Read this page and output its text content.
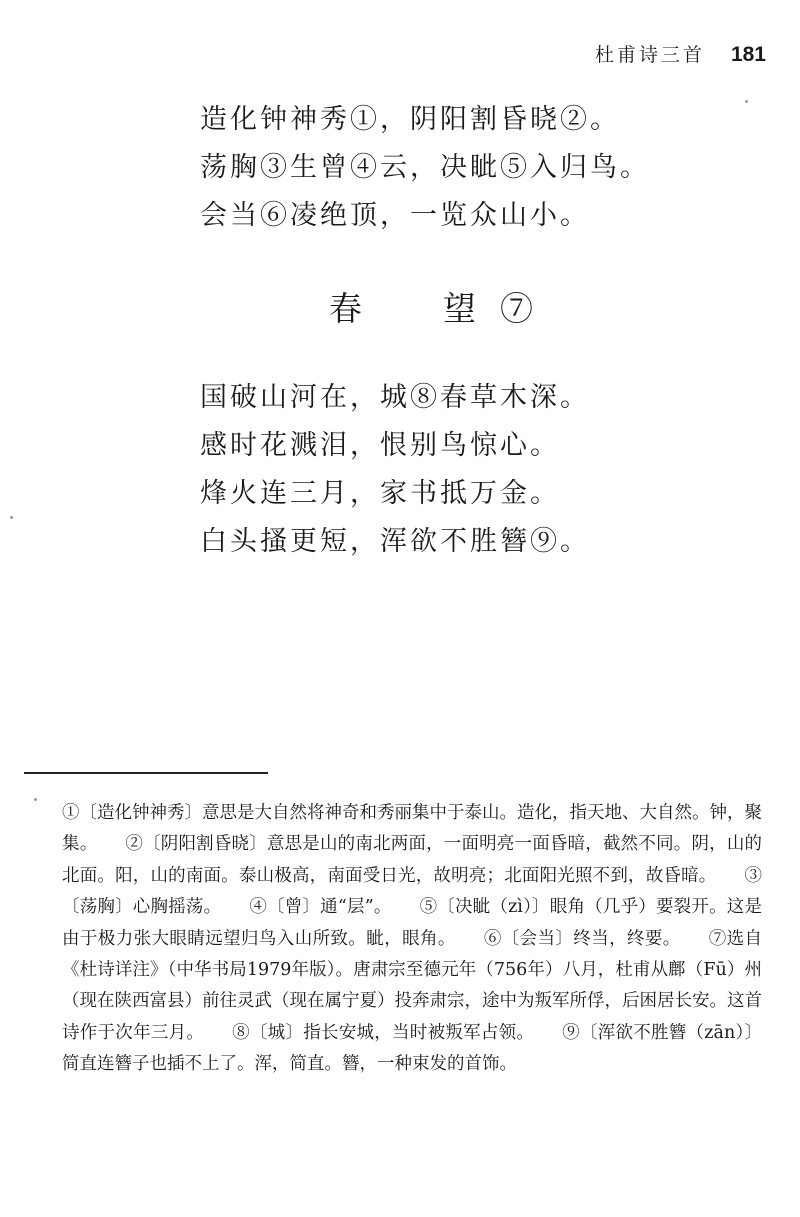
杜甫诗三首 181
造化钟神秀①，阴阳割昏晓②。
荡胸③生曾④云，决眦⑤入归鸟。
会当⑥凌绝顶，一览众山小。
春　望⑦
国破山河在，城⑧春草木深。
感时花溅泪，恨别鸟惊心。
烽火连三月，家书抵万金。
白头搔更短，浑欲不胜簪⑨。
①〔造化钟神秀〕意思是大自然将神奇和秀丽集中于泰山。造化，指天地、大自然。钟，聚集。 ②〔阴阳割昏晓〕意思是山的南北两面，一面明亮一面昏暗，截然不同。阴，山的北面。阳，山的南面。泰山极高，南面受日光，故明亮；北面阳光照不到，故昏暗。 ③〔荡胸〕心胸摇荡。 ④〔曾〕通“层”。 ⑤〔决眦（zì）〕眼角（几乎）要裂开。这是由于极力张大眼睛远望归鸟入山所致。眦，眼角。 ⑥〔会当〕终当，终要。 ⑦选自《杜诗详注》（中华书局1979年版）。唐肃宗至德元年（756年）八月，杜甫从鄜（Fū）州（现在陕西富县）前往灵武（现在属宁夏）投奔肃宗，途中为叛军所俘，后困居长安。这首诗作于次年三月。 ⑧〔城〕指长安城，当时被叛军占领。 ⑨〔浑欲不胜簪（zān）〕简直连簪子也插不上了。浑，简直。簪，一种束发的首饰。
